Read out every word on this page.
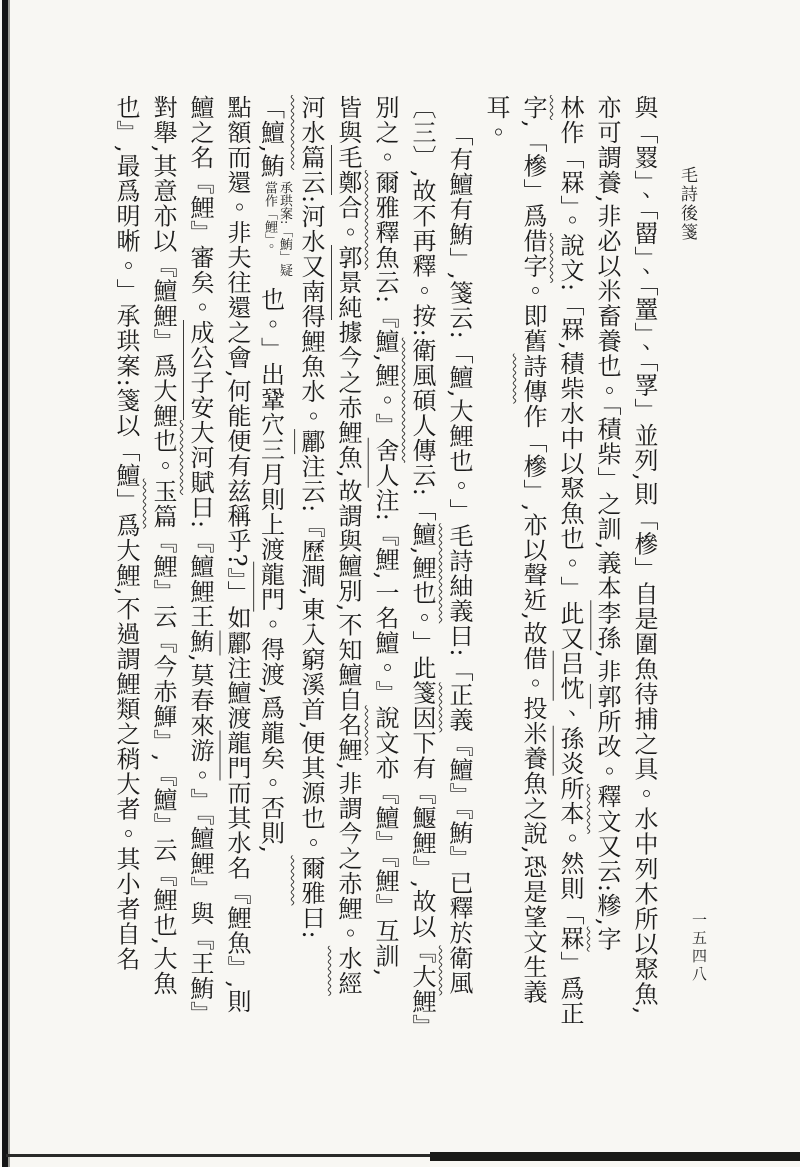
毛詩後箋
與「罬」、「罶」、「罿」、「罦」並列,則「槮」自是圍魚待捕之具。水中列木所以聚魚,
亦可謂養,非必以米畜養也。「積柴」之訓,義本李孫,非郭所改。釋文又云:糝,字
林作「罧」。說文:「罧,積柴水中以聚魚也。」此又吕忱、孫炎所本。然則「罧」爲正
字,「槮」爲借字。即舊詩傳作「槮」,亦以聲近,故借。投米養魚之說,恐是望文生義
耳。
「有鱣有鮪」,箋云:「鱣,大鯉也。」毛詩紬義曰:「正義『鱣』『鮪』已釋於衛風
〔三〕,故不再釋。按:衛風碩人傳云:「鱣,鯉也。」此箋因下有『鰋鯉』,故以『大鯉』
別之。爾雅釋魚云:『鱣,鯉。』舍人注:『鯉,一名鱣。』說文亦『鱣』『鯉』互訓,
皆與毛鄭合。郭景純據今之赤鯉魚,故謂與鱣別,不知鱣自名鯉,非謂今之赤鯉。水經
河水篇云:河水又南得鯉魚水。酈注云:『歷澗,東入窮溪首,便其源也。爾雅曰:
「鱣,鮪承珙案:「鮪」疑當作「鯉」。也。」出鞏穴三月則上渡龍門。得渡,爲龍矣。否則,
點額而還。非夫往還之會,何能便有兹稱乎?』」如酈注鱣渡龍門而其水名『鯉魚』,則
鱣之名『鯉』審矣。成公子安大河賦曰:『鱣鯉王鮪,莫春來游。』『鱣鯉』與『王鮪』
對舉,其意亦以『鱣鯉』爲大鯉也。玉篇『鯉』云『今赤鯶』,『鱣』云『鯉也,大魚
也』,最爲明晰。」承珙案:箋以「鱣」爲大鯉,不過謂鯉類之稍大者。其小者自名	一五四八
